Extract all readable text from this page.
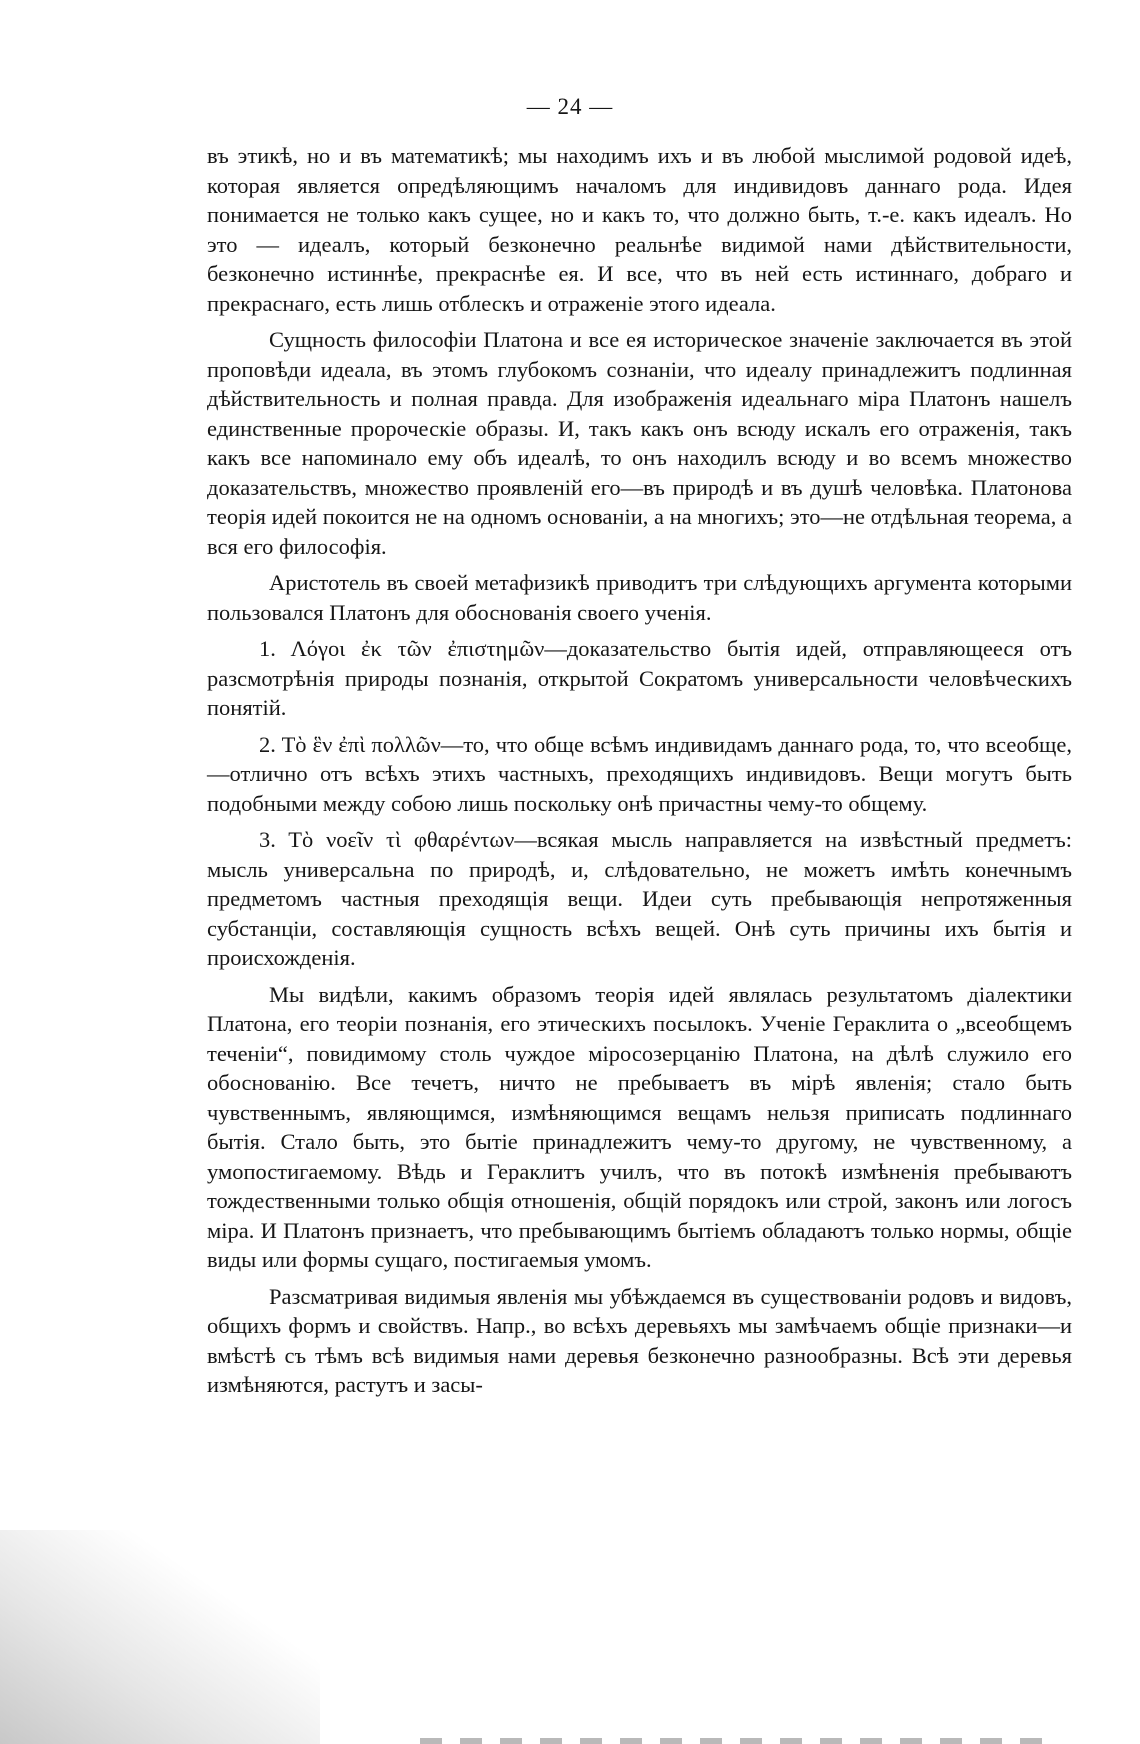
— 24 —

въ этикѣ, но и въ математикѣ; мы находимъ ихъ и въ любой мыслимой родовой идеѣ, которая является опредѣляющимъ началомъ для индивидовъ даннаго рода. Идея понимается не только какъ сущее, но и какъ то, что должно быть, т.-е. какъ идеалъ. Но это — идеалъ, который безконечно реальнѣе видимой нами дѣйствительности, безконечно истиннѣе, прекраснѣе ея. И все, что въ ней есть истиннаго, добраго и прекраснаго, есть лишь отблескъ и отраженіе этого идеала.

Сущность философіи Платона и все ея историческое значеніе заключается въ этой проповѣди идеала, въ этомъ глубокомъ сознаніи, что идеалу принадлежитъ подлинная дѣйствительность и полная правда. Для изображенія идеальнаго міра Платонъ нашелъ единственные пророческіе образы. И, такъ какъ онъ всюду искалъ его отраженія, такъ какъ все напоминало ему объ идеалѣ, то онъ находилъ всюду и во всемъ множество доказательствъ, множество проявленій его—въ природѣ и въ душѣ человѣка. Платонова теорія идей покоится не на одномъ основаніи, а на многихъ; это—не отдѣльная теорема, а вся его философія.

Аристотель въ своей метафизикѣ приводитъ три слѣдующихъ аргумента которыми пользовался Платонъ для обоснованія своего ученія.

1. Λόγοι ἐκ τῶν ἐπιστημῶν—доказательство бытія идей, отправляющееся отъ разсмотрѣнія природы познанія, открытой Сократомъ универсальности человѣческихъ понятій.

2. Τὸ ἓν ἐπὶ πολλῶν—то, что обще всѣмъ индивидамъ даннаго рода, то, что всеобще,—отлично отъ всѣхъ этихъ частныхъ, преходящихъ индивидовъ. Вещи могутъ быть подобными между собою лишь поскольку онѣ причастны чему-то общему.

3. Τὸ νοεῖν τὶ φθαρέντων—всякая мысль направляется на извѣстный предметъ: мысль универсальна по природѣ, и, слѣдовательно, не можетъ имѣть конечнымъ предметомъ частныя преходящія вещи. Идеи суть пребывающія непротяженныя субстанціи, составляющія сущность всѣхъ вещей. Онѣ суть причины ихъ бытія и происхожденія.

Мы видѣли, какимъ образомъ теорія идей являлась результатомъ діалектики Платона, его теоріи познанія, его этическихъ посылокъ. Ученіе Гераклита о „всеобщемъ теченіи“, повидимому столь чуждое міросозерцанію Платона, на дѣлѣ служило его обоснованію. Все течетъ, ничто не пребываетъ въ мірѣ явленія; стало быть чувственнымъ, являющимся, измѣняющимся вещамъ нельзя приписать подлиннаго бытія. Стало быть, это бытіе принадлежитъ чему-то другому, не чувственному, а умопостигаемому. Вѣдь и Гераклитъ училъ, что въ потокѣ измѣненія пребываютъ тождественными только общія отношенія, общій порядокъ или строй, законъ или логосъ міра. И Платонъ признаетъ, что пребывающимъ бытіемъ обладаютъ только нормы, общіе виды или формы сущаго, постигаемыя умомъ.

Разсматривая видимыя явленія мы убѣждаемся въ существованіи родовъ и видовъ, общихъ формъ и свойствъ. Напр., во всѣхъ деревьяхъ мы замѣчаемъ общіе признаки—и вмѣстѣ съ тѣмъ всѣ видимыя нами деревья безконечно разнообразны. Всѣ эти деревья измѣняются, растутъ и засы-
